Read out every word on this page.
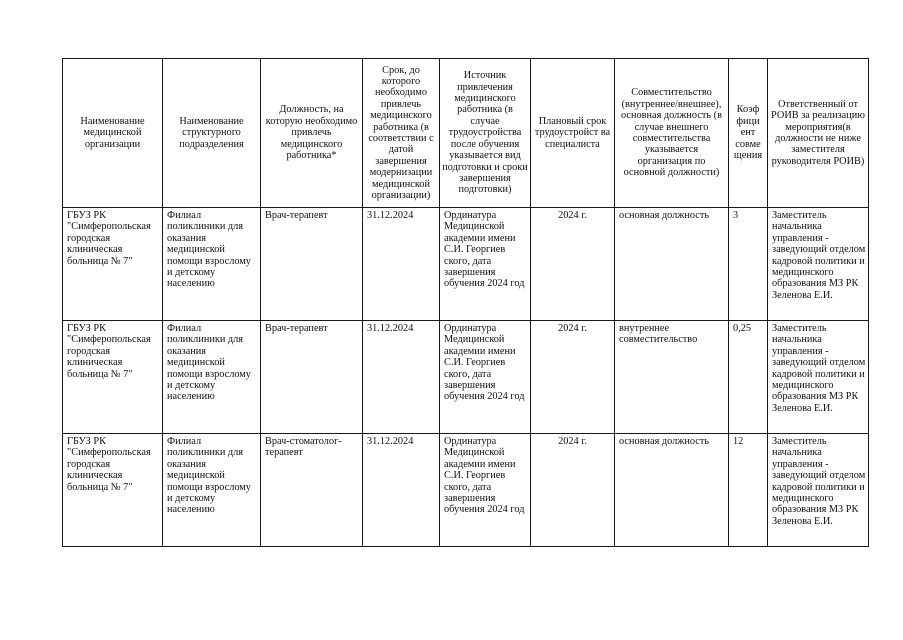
Наименование медицинской организации	Наименование структурного подразделения	Должность, на которую необходимо привлечь медицинского работника*	Срок, до которого необходимо привлечь медицинского работника (в соответствии с датой завершения модернизации медицинской организации)	Источник привлечения медицинского работника (в случае трудоустройства после обучения указывается вид подготовки и сроки завершения подготовки)	Плановый срок трудоустройст ва специалиста	Совместительство (внутреннее/внешнее), основная должность (в случае внешнего совместительства указывается организация по основной должности)	Коэф фици ент совме щения	Ответственный от РОИВ за реализацию мероприятия(в должности не ниже заместителя руководителя РОИВ)
ГБУЗ РК "Симферопольская городская клиническая больница № 7"	Филиал поликлиники для оказания медицинской помощи взрослому и детскому населению	Врач-терапевт	31.12.2024	Ординатура Медицинской академии имени С.И. Георгиев ского, дата завершения обучения 2024 год	2024 г.	основная должность	3	Заместитель начальника управления - заведующий отделом кадровой политики и медицинского образования МЗ РК Зеленова Е.И.
ГБУЗ РК "Симферопольская городская клиническая больница № 7"	Филиал поликлиники для оказания медицинской помощи взрослому и детскому населению	Врач-терапевт	31.12.2024	Ординатура Медицинской академии имени С.И. Георгиев ского, дата завершения обучения 2024 год	2024 г.	внутреннее совместительство	0,25	Заместитель начальника управления - заведующий отделом кадровой политики и медицинского образования МЗ РК Зеленова Е.И.
ГБУЗ РК "Симферопольская городская клиническая больница № 7"	Филиал поликлиники для оказания медицинской помощи взрослому и детскому населению	Врач-стоматолог-терапевт	31.12.2024	Ординатура Медицинской академии имени С.И. Георгиев ского, дата завершения обучения 2024 год	2024 г.	основная должность	12	Заместитель начальника управления - заведующий отделом кадровой политики и медицинского образования МЗ РК Зеленова Е.И.
